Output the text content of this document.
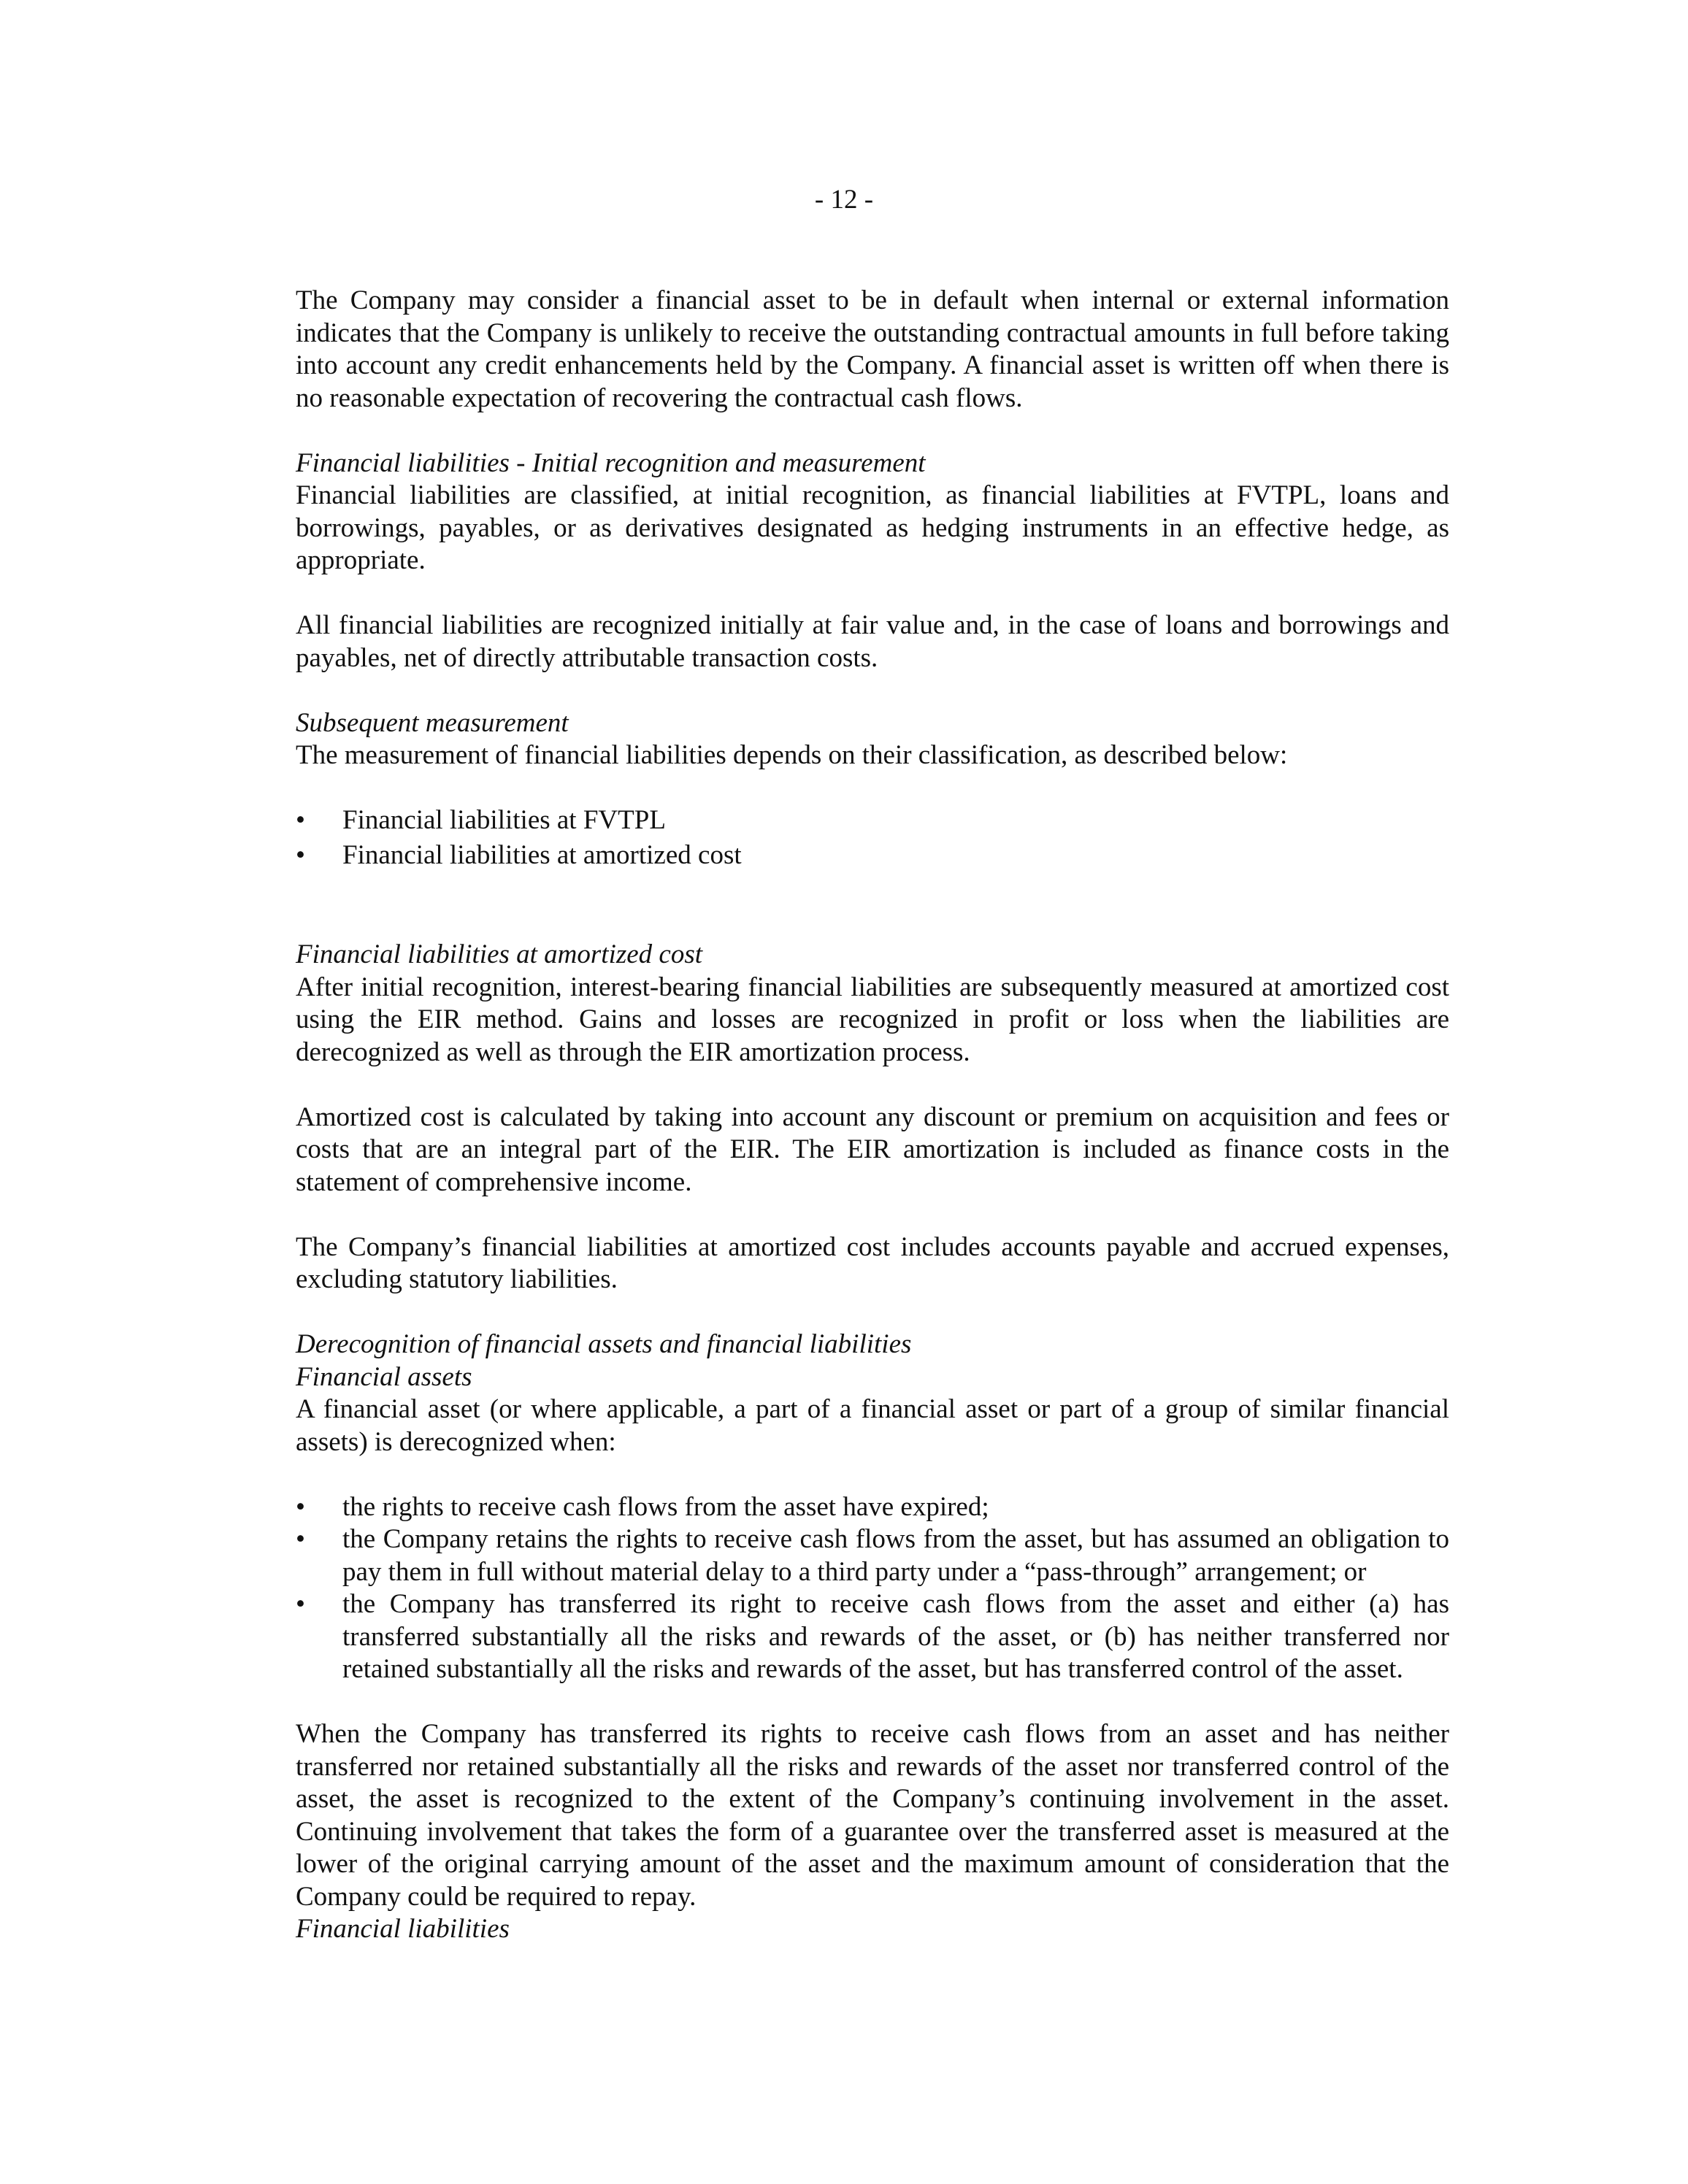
- 12 -

The Company may consider a financial asset to be in default when internal or external information indicates that the Company is unlikely to receive the outstanding contractual amounts in full before taking into account any credit enhancements held by the Company. A financial asset is written off when there is no reasonable expectation of recovering the contractual cash flows.

Financial liabilities - Initial recognition and measurement

Financial liabilities are classified, at initial recognition, as financial liabilities at FVTPL, loans and borrowings, payables, or as derivatives designated as hedging instruments in an effective hedge, as appropriate.

All financial liabilities are recognized initially at fair value and, in the case of loans and borrowings and payables, net of directly attributable transaction costs.

Subsequent measurement

The measurement of financial liabilities depends on their classification, as described below:

• Financial liabilities at FVTPL
• Financial liabilities at amortized cost
Financial liabilities at amortized cost

After initial recognition, interest-bearing financial liabilities are subsequently measured at amortized cost using the EIR method. Gains and losses are recognized in profit or loss when the liabilities are derecognized as well as through the EIR amortization process.

Amortized cost is calculated by taking into account any discount or premium on acquisition and fees or costs that are an integral part of the EIR. The EIR amortization is included as finance costs in the statement of comprehensive income.

The Company’s financial liabilities at amortized cost includes accounts payable and accrued expenses, excluding statutory liabilities.

Derecognition of financial assets and financial liabilities
Financial assets

A financial asset (or where applicable, a part of a financial asset or part of a group of similar financial assets) is derecognized when:

• the rights to receive cash flows from the asset have expired;
• the Company retains the rights to receive cash flows from the asset, but has assumed an obligation to pay them in full without material delay to a third party under a “pass-through” arrangement; or
• the Company has transferred its right to receive cash flows from the asset and either (a) has transferred substantially all the risks and rewards of the asset, or (b) has neither transferred nor retained substantially all the risks and rewards of the asset, but has transferred control of the asset.

When the Company has transferred its rights to receive cash flows from an asset and has neither transferred nor retained substantially all the risks and rewards of the asset nor transferred control of the asset, the asset is recognized to the extent of the Company’s continuing involvement in the asset. Continuing involvement that takes the form of a guarantee over the transferred asset is measured at the lower of the original carrying amount of the asset and the maximum amount of consideration that the Company could be required to repay.

Financial liabilities
